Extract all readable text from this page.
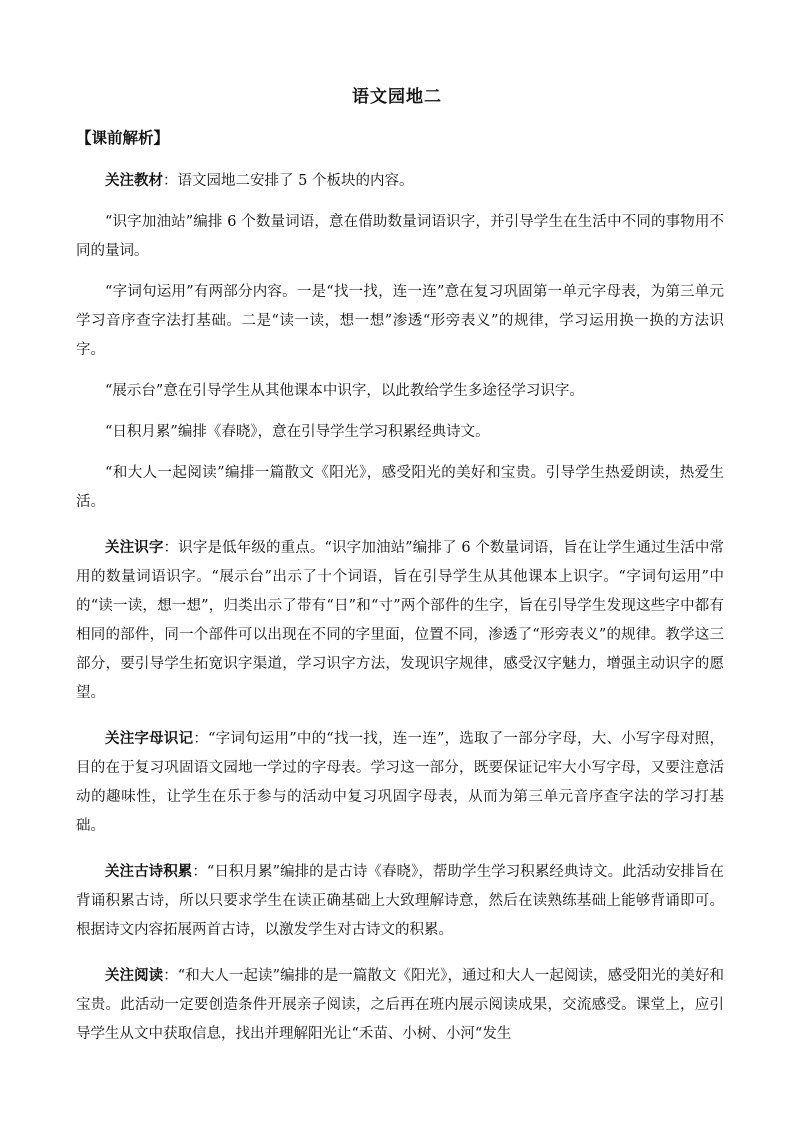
语文园地二
【课前解析】

关注教材：语文园地二安排了 5 个板块的内容。

“识字加油站”编排 6 个数量词语，意在借助数量词语识字，并引导学生在生活中不同的事物用不同的量词。

“字词句运用”有两部分内容。一是“找一找，连一连”意在复习巩固第一单元字母表，为第三单元学习音序查字法打基础。二是“读一读，想一想”渗透“形旁表义”的规律，学习运用换一换的方法识字。

“展示台”意在引导学生从其他课本中识字，以此教给学生多途径学习识字。

“日积月累”编排《春晓》，意在引导学生学习积累经典诗文。

“和大人一起阅读”编排一篇散文《阳光》，感受阳光的美好和宝贵。引导学生热爱朗读，热爱生活。

关注识字：识字是低年级的重点。“识字加油站”编排了 6 个数量词语，旨在让学生通过生活中常用的数量词语识字。“展示台”出示了十个词语，旨在引导学生从其他课本上识字。“字词句运用”中的“读一读，想一想”，归类出示了带有“日”和“寸”两个部件的生字，旨在引导学生发现这些字中都有相同的部件，同一个部件可以出现在不同的字里面，位置不同，渗透了“形旁表义”的规律。教学这三部分，要引导学生拓宽识字渠道，学习识字方法，发现识字规律，感受汉字魅力，增强主动识字的愿望。

关注字母识记：“字词句运用”中的“找一找，连一连”，选取了一部分字母，大、小写字母对照，目的在于复习巩固语文园地一学过的字母表。学习这一部分，既要保证记牢大小写字母，又要注意活动的趣味性，让学生在乐于参与的活动中复习巩固字母表，从而为第三单元音序查字法的学习打基础。

关注古诗积累：“日积月累”编排的是古诗《春晓》，帮助学生学习积累经典诗文。此活动安排旨在背诵积累古诗，所以只要求学生在读正确基础上大致理解诗意，然后在读熟练基础上能够背诵即可。根据诗文内容拓展两首古诗，以激发学生对古诗文的积累。

关注阅读：“和大人一起读”编排的是一篇散文《阳光》，通过和大人一起阅读，感受阳光的美好和宝贵。此活动一定要创造条件开展亲子阅读，之后再在班内展示阅读成果，交流感受。课堂上，应引导学生从文中获取信息，找出并理解阳光让“禾苗、小树、小河“发生
